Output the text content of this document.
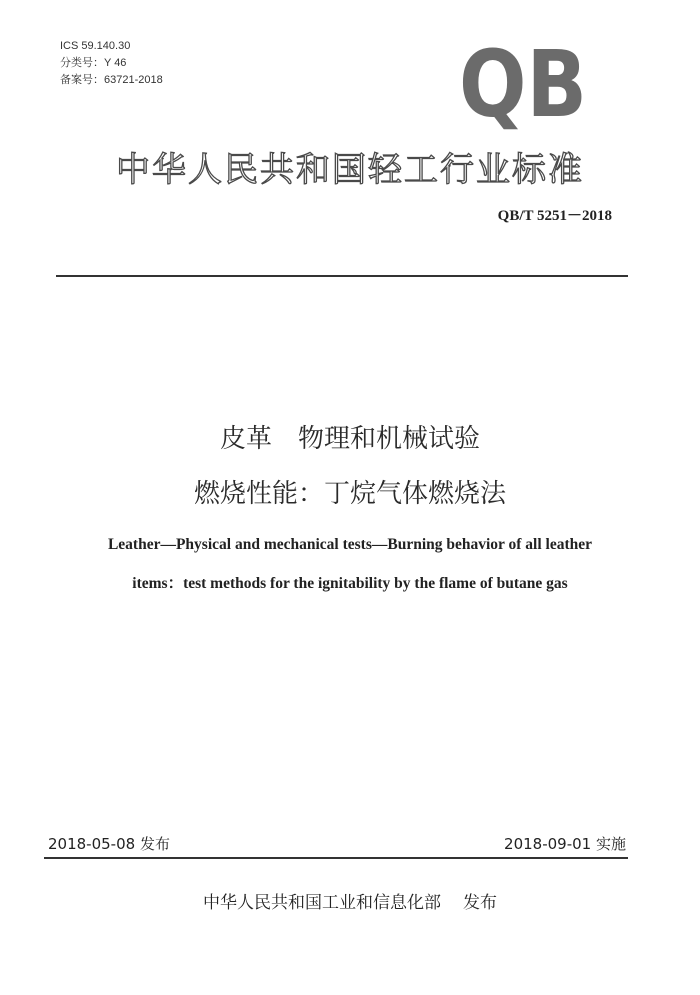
ICS 59.140.30
分类号：Y 46
备案号：63721-2018	QB
中华人民共和国轻工行业标准
QB/T 5251－2018
皮革 物理和机械试验
燃烧性能：丁烷气体燃烧法
Leather—Physical and mechanical tests—Burning behavior of all leather
items：test methods for the ignitability by the flame of butane gas
2018-05-08 发布	2018-09-01 实施
中华人民共和国工业和信息化部 发布
